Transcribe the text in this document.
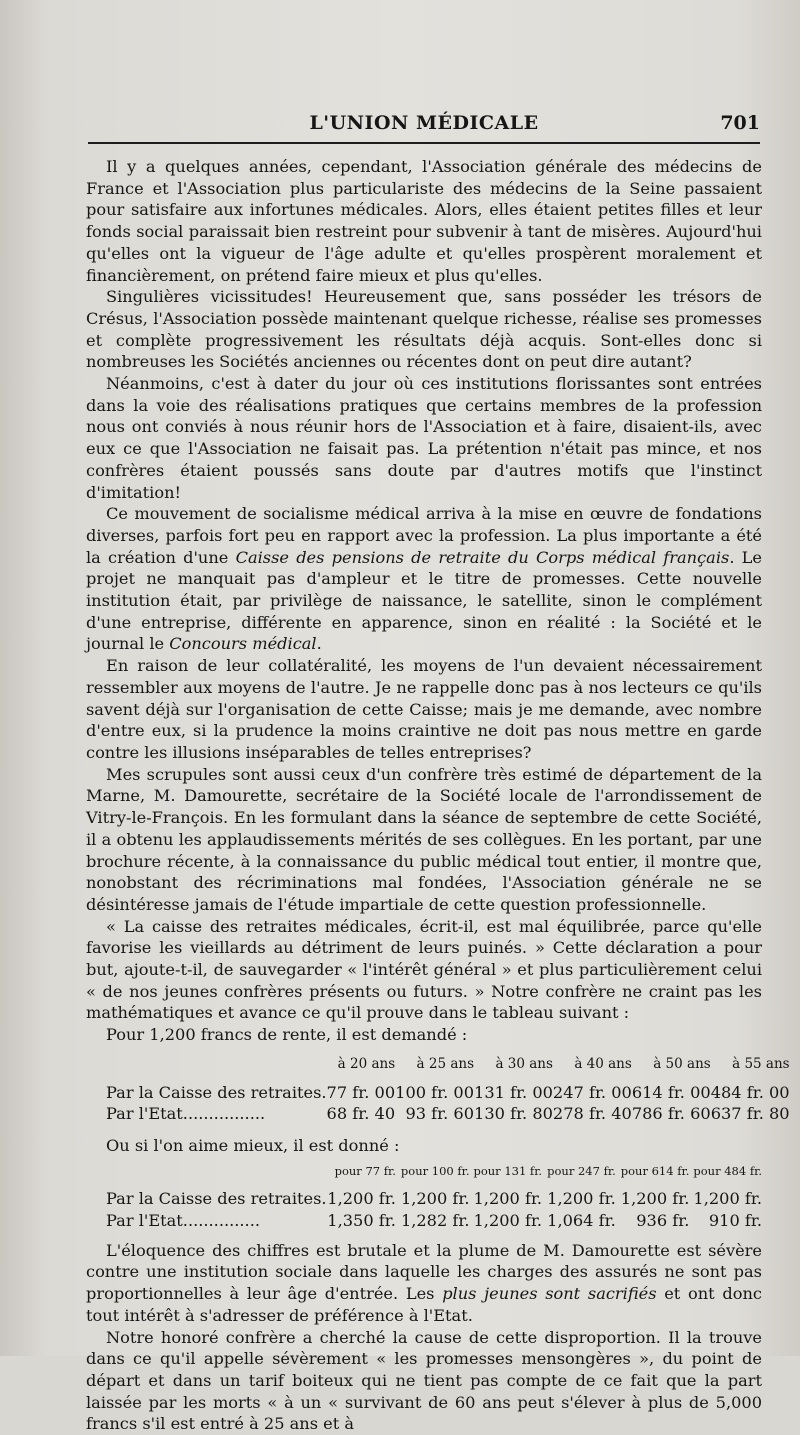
L'UNION MÉDICALE	701

Il y a quelques années, cependant, l'Association générale des médecins de France et l'Association plus particulariste des médecins de la Seine passaient pour satisfaire aux infortunes médicales. Alors, elles étaient petites filles et leur fonds social paraissait bien restreint pour subvenir à tant de misères. Aujourd'hui qu'elles ont la vigueur de l'âge adulte et qu'elles prospèrent moralement et financièrement, on prétend faire mieux et plus qu'elles.

Singulières vicissitudes! Heureusement que, sans posséder les trésors de Crésus, l'Association possède maintenant quelque richesse, réalise ses promesses et complète progressivement les résultats déjà acquis. Sont-elles donc si nombreuses les Sociétés anciennes ou récentes dont on peut dire autant?

Néanmoins, c'est à dater du jour où ces institutions florissantes sont entrées dans la voie des réalisations pratiques que certains membres de la profession nous ont conviés à nous réunir hors de l'Association et à faire, disaient-ils, avec eux ce que l'Association ne faisait pas. La prétention n'était pas mince, et nos confrères étaient poussés sans doute par d'autres motifs que l'instinct d'imitation!

Ce mouvement de socialisme médical arriva à la mise en œuvre de fondations diverses, parfois fort peu en rapport avec la profession. La plus importante a été la création d'une Caisse des pensions de retraite du Corps médical français. Le projet ne manquait pas d'ampleur et le titre de promesses. Cette nouvelle institution était, par privilège de naissance, le satellite, sinon le complément d'une entreprise, différente en apparence, sinon en réalité : la Société et le journal le Concours médical.

En raison de leur collatéralité, les moyens de l'un devaient nécessairement ressembler aux moyens de l'autre. Je ne rappelle donc pas à nos lecteurs ce qu'ils savent déjà sur l'organisation de cette Caisse; mais je me demande, avec nombre d'entre eux, si la prudence la moins craintive ne doit pas nous mettre en garde contre les illusions inséparables de telles entreprises?

Mes scrupules sont aussi ceux d'un confrère très estimé de département de la Marne, M. Damourette, secrétaire de la Société locale de l'arrondissement de Vitry-le-François. En les formulant dans la séance de septembre de cette Société, il a obtenu les applaudissements mérités de ses collègues. En les portant, par une brochure récente, à la connaissance du public médical tout entier, il montre que, nonobstant des récriminations mal fondées, l'Association générale ne se désintéresse jamais de l'étude impartiale de cette question professionnelle.

« La caisse des retraites médicales, écrit-il, est mal équilibrée, parce qu'elle favorise les vieillards au détriment de leurs puinés. » Cette déclaration a pour but, ajoute-t-il, de sauvegarder « l'intérêt général » et plus particulièrement celui « de nos jeunes confrères présents ou futurs. » Notre confrère ne craint pas les mathématiques et avance ce qu'il prouve dans le tableau suivant :

Pour 1,200 francs de rente, il est demandé :

	à 20 ans	à 25 ans	à 30 ans	à 40 ans	à 50 ans	à 55 ans
Par la Caisse des retraites.	77 fr. 00	100 fr. 00	131 fr. 00	247 fr. 00	614 fr. 00	484 fr. 00
Par l'Etat................	68 fr. 40	93 fr. 60	130 fr. 80	278 fr. 40	786 fr. 60	637 fr. 80

Ou si l'on aime mieux, il est donné :

	pour 77 fr.	pour 100 fr.	pour 131 fr.	pour 247 fr.	pour 614 fr.	pour 484 fr.
Par la Caisse des retraites.	1,200 fr.	1,200 fr.	1,200 fr.	1,200 fr.	1,200 fr.	1,200 fr.
Par l'Etat...............	1,350 fr.	1,282 fr.	1,200 fr.	1,064 fr.	936 fr.	910 fr.

L'éloquence des chiffres est brutale et la plume de M. Damourette est sévère contre une institution sociale dans laquelle les charges des assurés ne sont pas proportionnelles à leur âge d'entrée. Les plus jeunes sont sacrifiés et ont donc tout intérêt à s'adresser de préférence à l'Etat.

Notre honoré confrère a cherché la cause de cette disproportion. Il la trouve dans ce qu'il appelle sévèrement « les promesses mensongères », du point de départ et dans un tarif boiteux qui ne tient pas compte de ce fait que la part laissée par les morts « à un « survivant de 60 ans peut s'élever à plus de 5,000 francs s'il est entré à 25 ans et à
